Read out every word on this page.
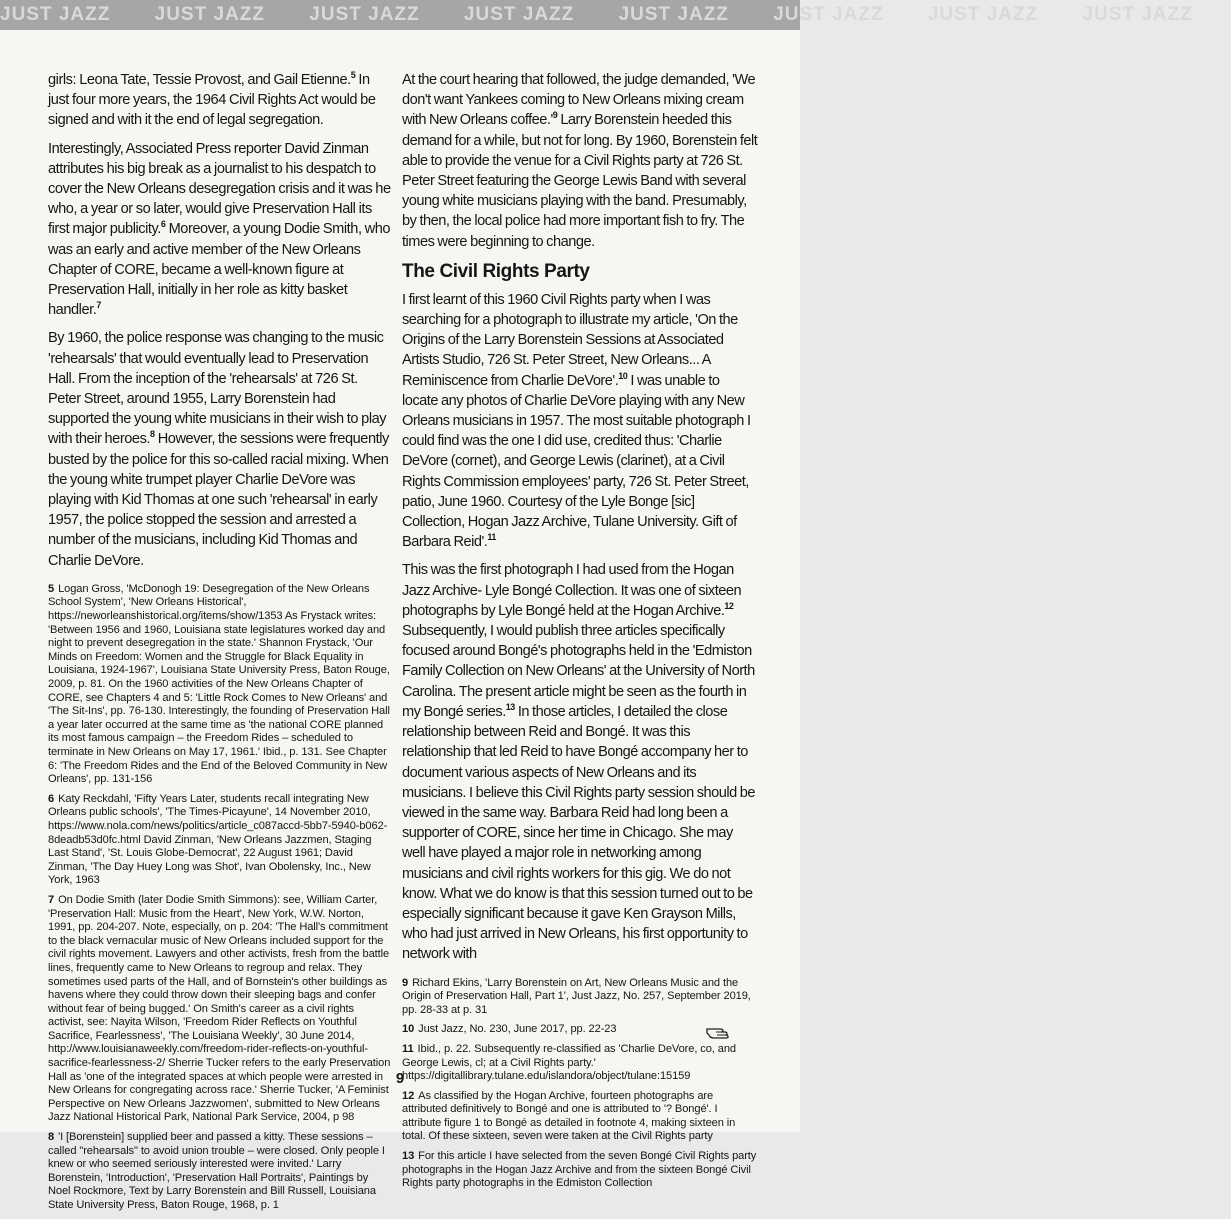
JUST JAZZ JUST JAZZ JUST JAZZ JUST JAZZ JUST JAZZ JUST JAZZ JUST JAZZ JUST JAZZ

girls: Leona Tate, Tessie Provost, and Gail Etienne.$^5$ In just four more years, the 1964 Civil Rights Act would be signed and with it the end of legal segregation.

Interestingly, Associated Press reporter David Zinman attributes his big break as a journalist to his despatch to cover the New Orleans desegregation crisis and it was he who, a year or so later, would give Preservation Hall its first major publicity.$^6$ Moreover, a young Dodie Smith, who was an early and active member of the New Orleans Chapter of CORE, became a well-known figure at Preservation Hall, initially in her role as kitty basket handler.$^7$

By 1960, the police response was changing to the music 'rehearsals' that would eventually lead to Preservation Hall. From the inception of the 'rehearsals' at 726 St. Peter Street, around 1955, Larry Borenstein had supported the young white musicians in their wish to play with their heroes.$^8$ However, the sessions were frequently busted by the police for this so-called racial mixing. When the young white trumpet player Charlie DeVore was playing with Kid Thomas at one such 'rehearsal' in early 1957, the police stopped the session and arrested a number of the musicians, including Kid Thomas and Charlie DeVore.

5 Logan Gross, 'McDonogh 19: Desegregation of the New Orleans School System', 'New Orleans Historical', https://neworleanshistorical.org/items/show/1353 As Frystack writes: 'Between 1956 and 1960, Louisiana state legislatures worked day and night to prevent desegregation in the state.' Shannon Frystack, 'Our Minds on Freedom: Women and the Struggle for Black Equality in Louisiana, 1924-1967', Louisiana State University Press, Baton Rouge, 2009, p. 81. On the 1960 activities of the New Orleans Chapter of CORE, see Chapters 4 and 5: 'Little Rock Comes to New Orleans' and 'The Sit-Ins', pp. 76-130. Interestingly, the founding of Preservation Hall a year later occurred at the same time as 'the national CORE planned its most famous campaign – the Freedom Rides – scheduled to terminate in New Orleans on May 17, 1961.' Ibid., p. 131. See Chapter 6: 'The Freedom Rides and the End of the Beloved Community in New Orleans', pp. 131-156

6 Katy Reckdahl, 'Fifty Years Later, students recall integrating New Orleans public schools', 'The Times-Picayune', 14 November 2010, https://www.nola.com/news/politics/article_c087accd-5bb7-5940-b062-8deadb53d0fc.html David Zinman, 'New Orleans Jazzmen, Staging Last Stand', 'St. Louis Globe-Democrat', 22 August 1961; David Zinman, 'The Day Huey Long was Shot', Ivan Obolensky, Inc., New York, 1963

7 On Dodie Smith (later Dodie Smith Simmons): see, William Carter, 'Preservation Hall: Music from the Heart', New York, W.W. Norton, 1991, pp. 204-207. Note, especially, on p. 204: 'The Hall's commitment to the black vernacular music of New Orleans included support for the civil rights movement. Lawyers and other activists, fresh from the battle lines, frequently came to New Orleans to regroup and relax. They sometimes used parts of the Hall, and of Bornstein's other buildings as havens where they could throw down their sleeping bags and confer without fear of being bugged.' On Smith's career as a civil rights activist, see: Nayita Wilson, 'Freedom Rider Reflects on Youthful Sacrifice, Fearlessness', 'The Louisiana Weekly', 30 June 2014, http://www.louisianaweekly.com/freedom-rider-reflects-on-youthful-sacrifice-fearlessness-2/ Sherrie Tucker refers to the early Preservation Hall as 'one of the integrated spaces at which people were arrested in New Orleans for congregating across race.' Sherrie Tucker, 'A Feminist Perspective on New Orleans Jazzwomen', submitted to New Orleans Jazz National Historical Park, National Park Service, 2004, p 98

8 'I [Borenstein] supplied beer and passed a kitty. These sessions – called "rehearsals" to avoid union trouble – were closed. Only people I knew or who seemed seriously interested were invited.' Larry Borenstein, 'Introduction', 'Preservation Hall Portraits', Paintings by Noel Rockmore, Text by Larry Borenstein and Bill Russell, Louisiana State University Press, Baton Rouge, 1968, p. 1

At the court hearing that followed, the judge demanded, 'We don't want Yankees coming to New Orleans mixing cream with New Orleans $coffee.'^9$ Larry Borenstein heeded this demand for a while, but not for long. By 1960, Borenstein felt able to provide the venue for a Civil Rights party at 726 St. Peter Street featuring the George Lewis Band with several young white musicians playing with the band. Presumably, by then, the local police had more important fish to fry. The times were beginning to change.

The Civil Rights Party

I first learnt of this 1960 Civil Rights party when I was searching for a photograph to illustrate my article, 'On the Origins of the Larry Borenstein Sessions at Associated Artists Studio, 726 St. Peter Street, New Orleans... A Reminiscence from Charlie DeVore'.$^{10}$ I was unable to locate any photos of Charlie DeVore playing with any New Orleans musicians in 1957. The most suitable photograph I could find was the one I did use, credited thus: 'Charlie DeVore (cornet), and George Lewis (clarinet), at a Civil Rights Commission employees' party, 726 St. Peter Street, patio, June 1960. Courtesy of the Lyle Bonge [sic] Collection, Hogan Jazz Archive, Tulane University. Gift of Barbara Reid'.$^{11}$

This was the first photograph I had used from the Hogan Jazz Archive- Lyle Bongé Collection. It was one of sixteen photographs by Lyle Bongé held at the Hogan Archive.$^{12}$ Subsequently, I would publish three articles specifically focused around Bongé's photographs held in the 'Edmiston Family Collection on New Orleans' at the University of North Carolina. The present article might be seen as the fourth in my Bongé series.$^{13}$ In those articles, I detailed the close relationship between Reid and Bongé. It was this relationship that led Reid to have Bongé accompany her to document various aspects of New Orleans and its musicians. I believe this Civil Rights party session should be viewed in the same way. Barbara Reid had long been a supporter of CORE, since her time in Chicago. She may well have played a major role in networking among musicians and civil rights workers for this gig. We do not know. What we do know is that this session turned out to be especially significant because it gave Ken Grayson Mills, who had just arrived in New Orleans, his first opportunity to network with

9 Richard Ekins, 'Larry Borenstein on Art, New Orleans Music and the Origin of Preservation Hall, Part 1', Just Jazz, No. 257, September 2019, pp. 28-33 at p. 31

10 Just Jazz, No. 230, June 2017, pp. 22-23

11 Ibid., p. 22. Subsequently re-classified as 'Charlie DeVore, co, and George Lewis, cl; at a Civil Rights party.' https://digitallibrary.tulane.edu/islandora/object/tulane:15159

12 As classified by the Hogan Archive, fourteen photographs are attributed definitively to Bongé and one is attributed to '? Bongé'. I attribute figure 1 to Bongé as detailed in footnote 4, making sixteen in total. Of these sixteen, seven were taken at the Civil Rights party

13 For this article I have selected from the seven Bongé Civil Rights party photographs in the Hogan Jazz Archive and from the sixteen Bongé Civil Rights party photographs in the Edmiston Collection

9
